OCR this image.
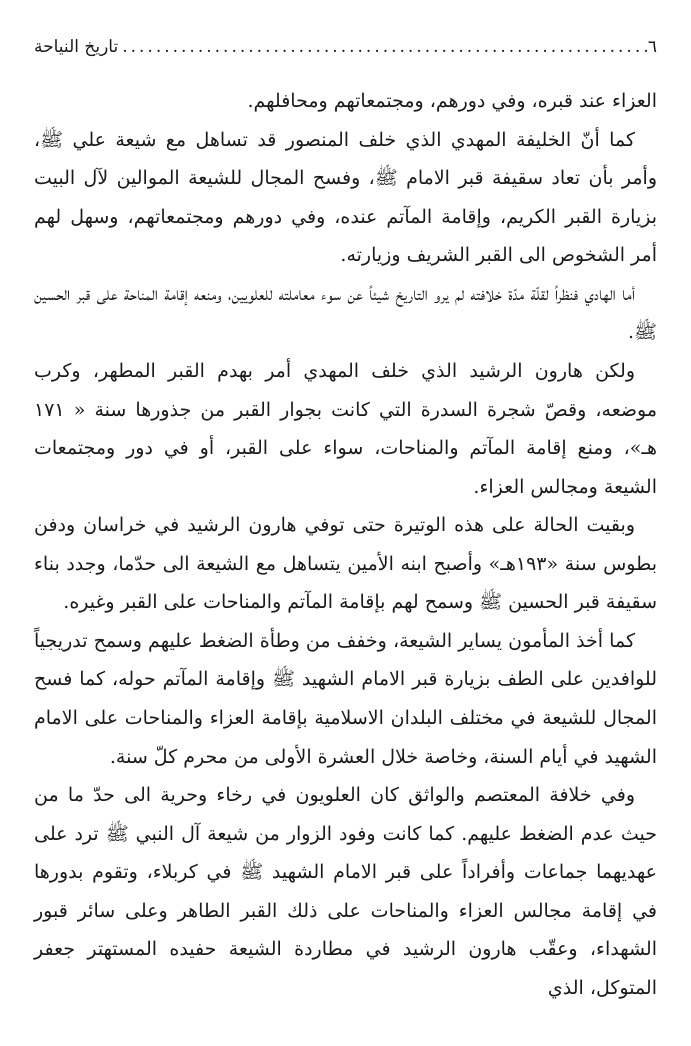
٦
.....
تاريخ النياحة

العزاء عند قبره، وفي دورهم، ومجتمعاتهم ومحافلهم.

كما أنّ الخليفة المهدي الذي خلف المنصور قد تساهل مع شيعة علي ﷺ، وأمر بأن تعاد سقيفة قبر الامام ﷺ، وفسح المجال للشيعة الموالين لآل البيت بزيارة القبر الكريم، وإقامة المآتم عنده، وفي دورهم ومجتمعاتهم، وسهل لهم أمر الشخوص الى القبر الشريف وزيارته.

أما الهادي فنظراً لقلّة مدّة خلافته لم يرو التاريخ شيئاً عن سوء معاملته للعلويين، ومنعه إقامة المناحة على قبر الحسين ﷺ.

ولكن هارون الرشيد الذي خلف المهدي أمر بهدم القبر المطهر، وكرب موضعه، وقصّ شجرة السدرة التي كانت بجوار القبر من جذورها سنة « ١٧١ هـ»، ومنع إقامة المآتم والمناحات، سواء على القبر، أو في دور ومجتمعات الشيعة ومجالس العزاء.

وبقيت الحالة على هذه الوتيرة حتى توفي هارون الرشيد في خراسان ودفن بطوس سنة «١٩٣هـ» وأصبح ابنه الأمين يتساهل مع الشيعة الى حدّما، وجدد بناء سقيفة قبر الحسين ﷺ وسمح لهم بإقامة المآتم والمناحات على القبر وغيره.

كما أخذ المأمون يساير الشيعة، وخفف من وطأة الضغط عليهم وسمح تدريجياً للوافدين على الطف بزيارة قبر الامام الشهيد ﷺ وإقامة المآتم حوله، كما فسح المجال للشيعة في مختلف البلدان الاسلامية بإقامة العزاء والمناحات على الامام الشهيد في أيام السنة، وخاصة خلال العشرة الأولى من محرم كلّ سنة.

وفي خلافة المعتصم والواثق كان العلويون في رخاء وحرية الى حدّ ما من حيث عدم الضغط عليهم. كما كانت وفود الزوار من شيعة آل النبي ﷺ ترد على عهديهما جماعات وأفراداً على قبر الامام الشهيد ﷺ في كربلاء، وتقوم بدورها في إقامة مجالس العزاء والمناحات على ذلك القبر الطاهر وعلى سائر قبور الشهداء، وعقّب هارون الرشيد في مطاردة الشيعة حفيده المستهتر جعفر المتوكل، الذي
